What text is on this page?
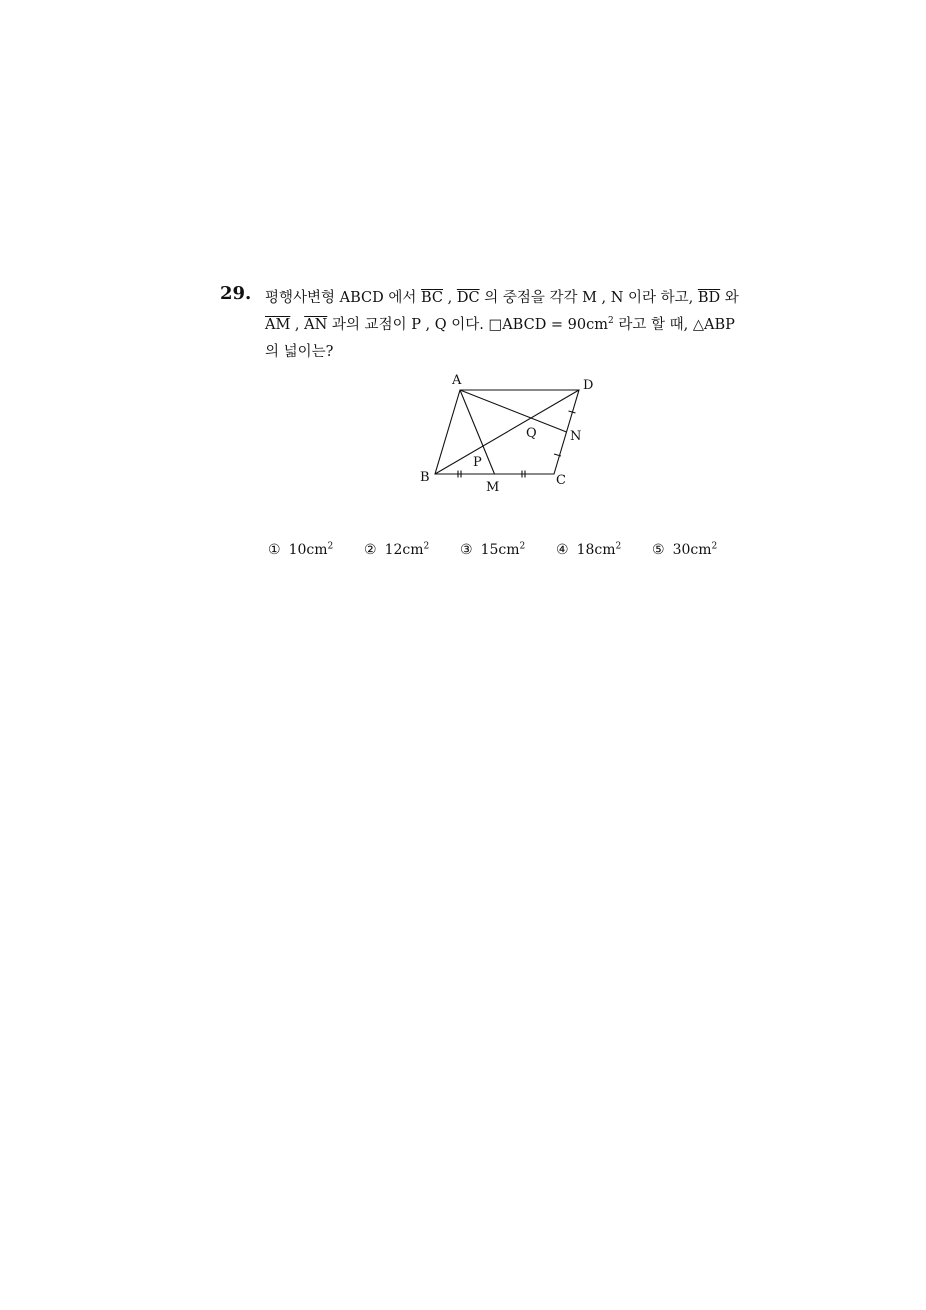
29. 평행사변형 ABCD 에서 $\overline{BC}$ , $\overline{DC}$ 의 중점을 각각 M , N 이라 하고, $\overline{BD}$ 와
$\overline{AM}$ , $\overline{AN}$ 과의 교점이 P , Q 이다. □ABCD = $90cm^2$ 라고 할 때, △ABP
의 넓이는?
A	D
N
Q
P
B
M	C
① $10cm^2$	② $12cm^2$	③ $15cm^2$	④ $18cm^2$	⑤ $30cm^2$
